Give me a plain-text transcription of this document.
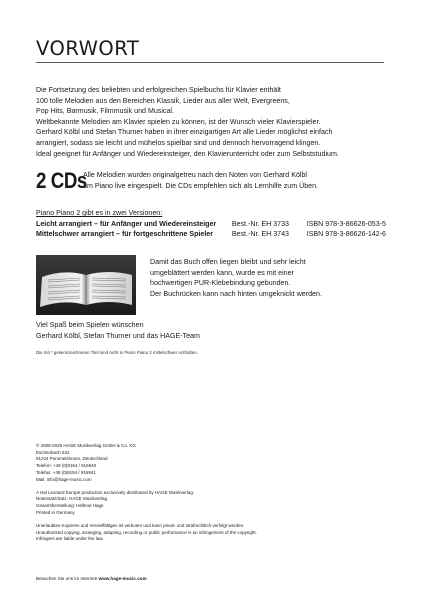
VORWORT
Die Fortsetzung des beliebten und erfolgreichen Spielbuchs für Klavier enthält
100 tolle Melodien aus den Bereichen Klassik, Lieder aus aller Welt, Evergreens,
Pop Hits, Barmusik, Filmmusik und Musical.
Weltbekannte Melodien am Klavier spielen zu können, ist der Wunsch vieler Klavierspieler.
Gerhard Kölbl und Stefan Thurner haben in ihrer einzigartigen Art alle Lieder möglichst einfach
arrangiert, sodass sie leicht und mühelos spielbar sind und dennoch hervorragend klingen.
Ideal geeignet für Anfänger und Wiedereinsteiger, den Klavierunterricht oder zum Selbststudium.
2 CDs
Alle Melodien wurden originalgetreu nach den Noten von Gerhard Kölbl
am Piano live eingespielt. Die CDs empfehlen sich als Lernhilfe zum Üben.
Piano Piano 2 gibt es in zwei Versionen:
Leicht arrangiert – für Anfänger und Wiedereinsteiger	Best.-Nr. EH 3733	ISBN 978-3-86626-053-5
Mittelschwer arrangiert – für fortgeschrittene Spieler	Best.-Nr. EH 3743	ISBN 978-3-86626-142-6
Damit das Buch offen liegen bleibt und sehr leicht
umgeblättert werden kann, wurde es mit einer
hochwertigen PUR-Klebebindung gebunden.
Der Buchrücken kann nach hinten umgeknickt werden.
Viel Spaß beim Spielen wünschen
Gerhard Kölbl, Stefan Thurner und das HAGE-Team
Die mit * gekennzeichneten Titel sind nicht in Piano Piano 2 mittelschwer enthalten.
© 2008-2025 HAGE Musikverlag GmbH & Co. KG
Eschenbach 542
91224 Pommelsbrunn, Deutschland
Telefon: +49 (0)9154 / 916940
Telefax: +49 (0)9154 / 916941
Mail: info@hage-music.com
A Hal Leonard Europe production exclusively distributed by HAGE Musikverlag.
Notensatz/Satz: HAGE Musikverlag
Gesamtherstellung: Hellmut Hage
Printed in Germany
Unerlaubtes Kopieren und Vervielfältigen ist verboten und kann privat- und strafrechtlich verfolgt werden.
Unauthorized copying, arranging, adapting, recording or public performance is an infringement of the copyright.
Infringers are liable under the law.
Besuchen Sie uns im Internet! www.hage-music.com
